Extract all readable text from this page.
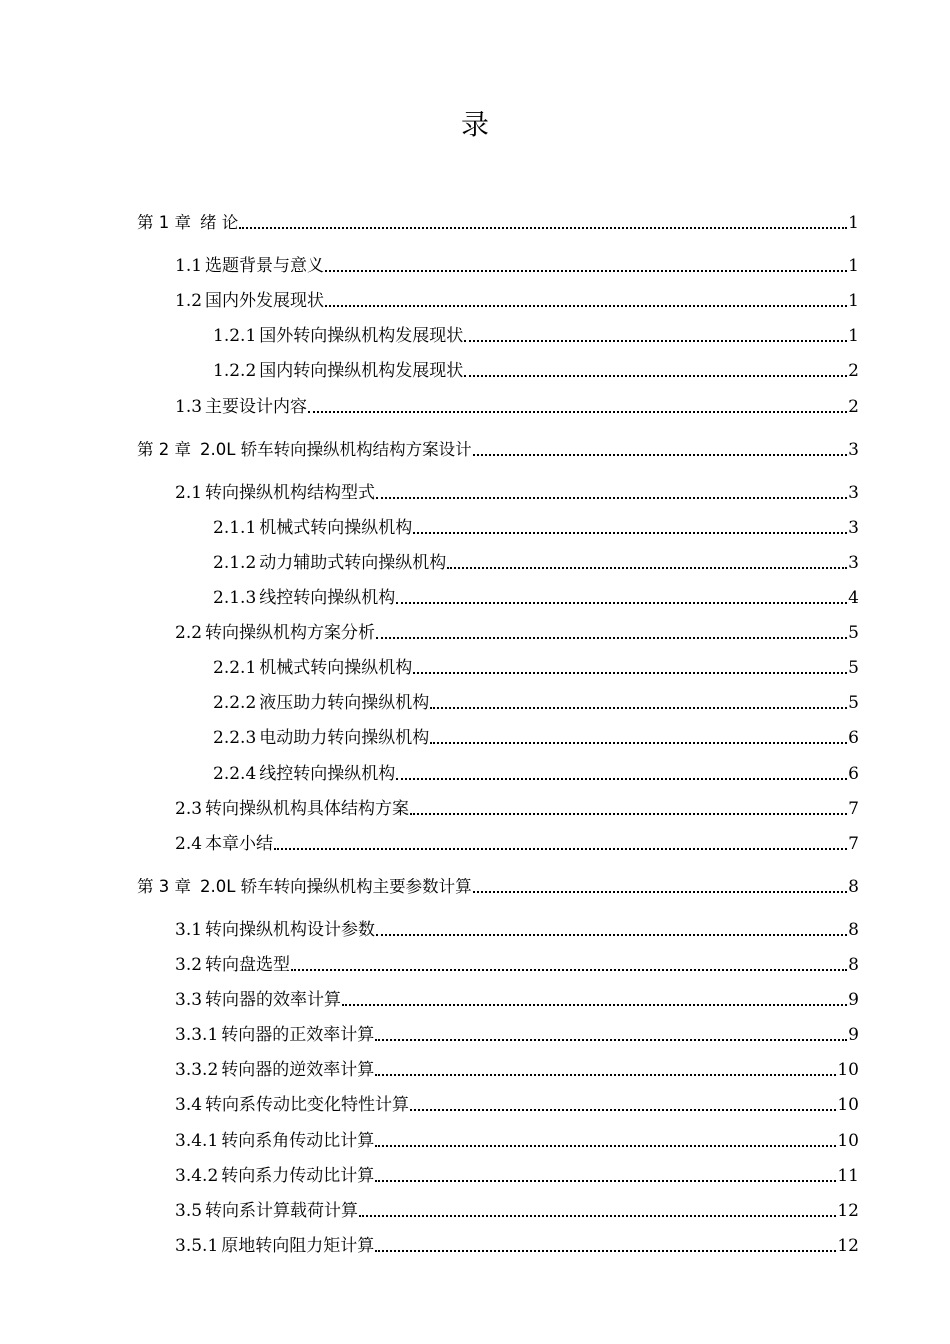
录
第 1 章 绪 论	1
1.1 选题背景与意义	1
1.2 国内外发展现状	1
1.2.1 国外转向操纵机构发展现状	1
1.2.2 国内转向操纵机构发展现状	2
1.3 主要设计内容	2
第 2 章 2.0L 轿车转向操纵机构结构方案设计	3
2.1 转向操纵机构结构型式	3
2.1.1 机械式转向操纵机构	3
2.1.2 动力辅助式转向操纵机构	3
2.1.3 线控转向操纵机构	4
2.2 转向操纵机构方案分析	5
2.2.1 机械式转向操纵机构	5
2.2.2 液压助力转向操纵机构	5
2.2.3 电动助力转向操纵机构	6
2.2.4 线控转向操纵机构	6
2.3 转向操纵机构具体结构方案	7
2.4 本章小结	7
第 3 章 2.0L 轿车转向操纵机构主要参数计算	8
3.1 转向操纵机构设计参数	8
3.2 转向盘选型	8
3.3 转向器的效率计算	9
3.3.1 转向器的正效率计算	9
3.3.2 转向器的逆效率计算	10
3.4 转向系传动比变化特性计算	10
3.4.1 转向系角传动比计算	10
3.4.2 转向系力传动比计算	11
3.5 转向系计算载荷计算	12
3.5.1 原地转向阻力矩计算	12
